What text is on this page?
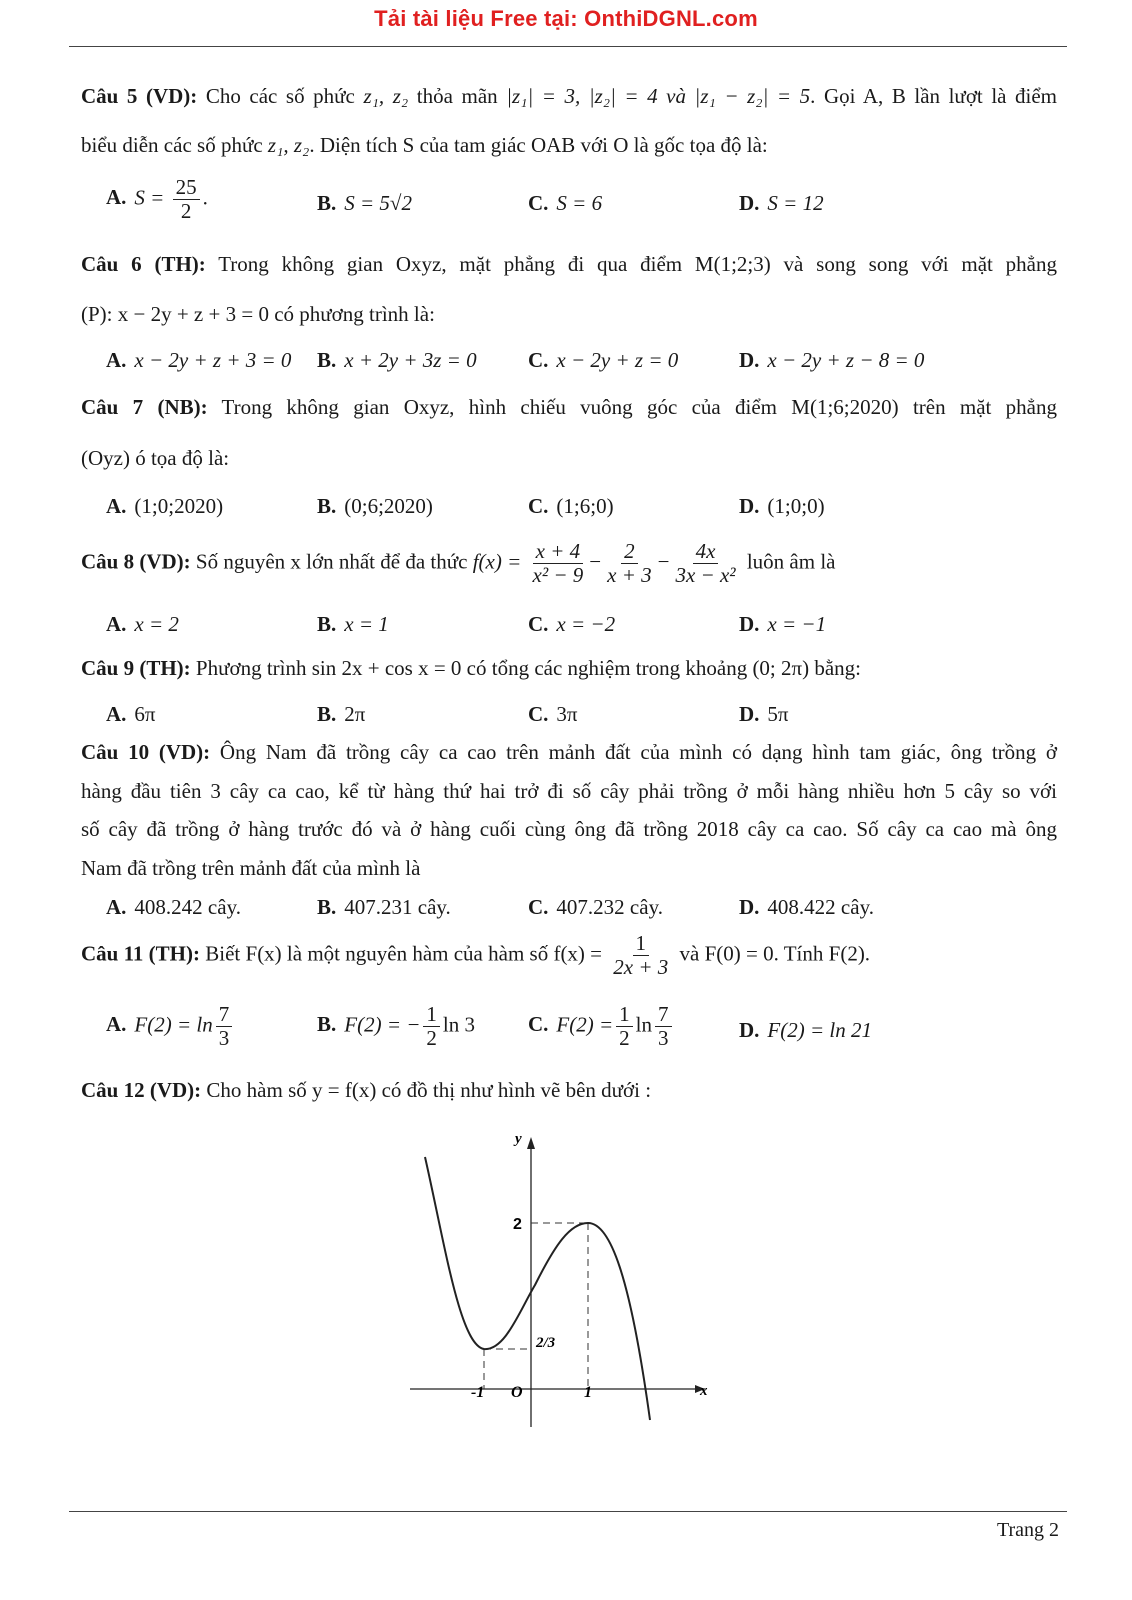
Tải tài liệu Free tại: OnthiDGNL.com
Câu 5 (VD): Cho các số phức z₁, z₂ thỏa mãn |z₁| = 3, |z₂| = 4 và |z₁ − z₂| = 5. Gọi A, B lần lượt là điểm
biểu diễn các số phức z₁, z₂. Diện tích S của tam giác OAB với O là gốc tọa độ là:
A. $S = \frac{25}{2}$ .	B. S = 5√2	C. S = 6	D. S = 12
Câu 6 (TH): Trong không gian Oxyz, mặt phẳng đi qua điểm M(1;2;3) và song song với mặt phẳng
(P): x − 2y + z + 3 = 0 có phương trình là:
A. x − 2y + z + 3 = 0 B. x + 2y + 3z = 0 C. x − 2y + z = 0	D. x − 2y + z − 8 = 0
Câu 7 (NB): Trong không gian Oxyz, hình chiếu vuông góc của điểm M(1;6;2020) trên mặt phẳng
(Oyz) ó tọa độ là:
A. (1;0;2020)	B. (0;6;2020)	C. (1;6;0)	D. (1;0;0)
Câu 8 (VD): Số nguyên x lớn nhất để đa thức $f(x) = \frac{x + 4}{\text{x² − 9}} - \frac{2}{x + 3} - \frac{4x}{\text{3x − x²}}$ luôn âm là
A. x = 2	B. x = 1	C. x = −2	D. x = −1
Câu 9 (TH): Phương trình sin 2x + cos x = 0 có tổng các nghiệm trong khoảng (0; 2π) bằng:
A. 6π	B. 2π	C. 3π	D. 5π
Câu 10 (VD): Ông Nam đã trồng cây ca cao trên mảnh đất của mình có dạng hình tam giác, ông trồng ở
hàng đầu tiên 3 cây ca cao, kể từ hàng thứ hai trở đi số cây phải trồng ở mỗi hàng nhiều hơn 5 cây so với
số cây đã trồng ở hàng trước đó và ở hàng cuối cùng ông đã trồng 2018 cây ca cao. Số cây ca cao mà ông
Nam đã trồng trên mảnh đất của mình là
A. 408.242 cây.	B. 407.231 cây.	C. 407.232 cây.	D. 408.422 cây.
Câu 11 (TH): Biết F(x) là một nguyên hàm của hàm số $f(x) = \frac{1}{2x + 3}$ và F(0) = 0. Tính F(2).
A. $F(2) = \ln \frac{7}{3}$	B. F(2) = − $\frac{1}{2}$ ln 3	C. $F(2) = \frac{1}{2}$ $\ln \frac{7}{3}$	D. F(2) = ln 21
Câu 12 (VD): Cho hàm số y = f(x) có đồ thị như hình vẽ bên dưới :
y
x
2
2/3
-1 O	1
Trang 2
